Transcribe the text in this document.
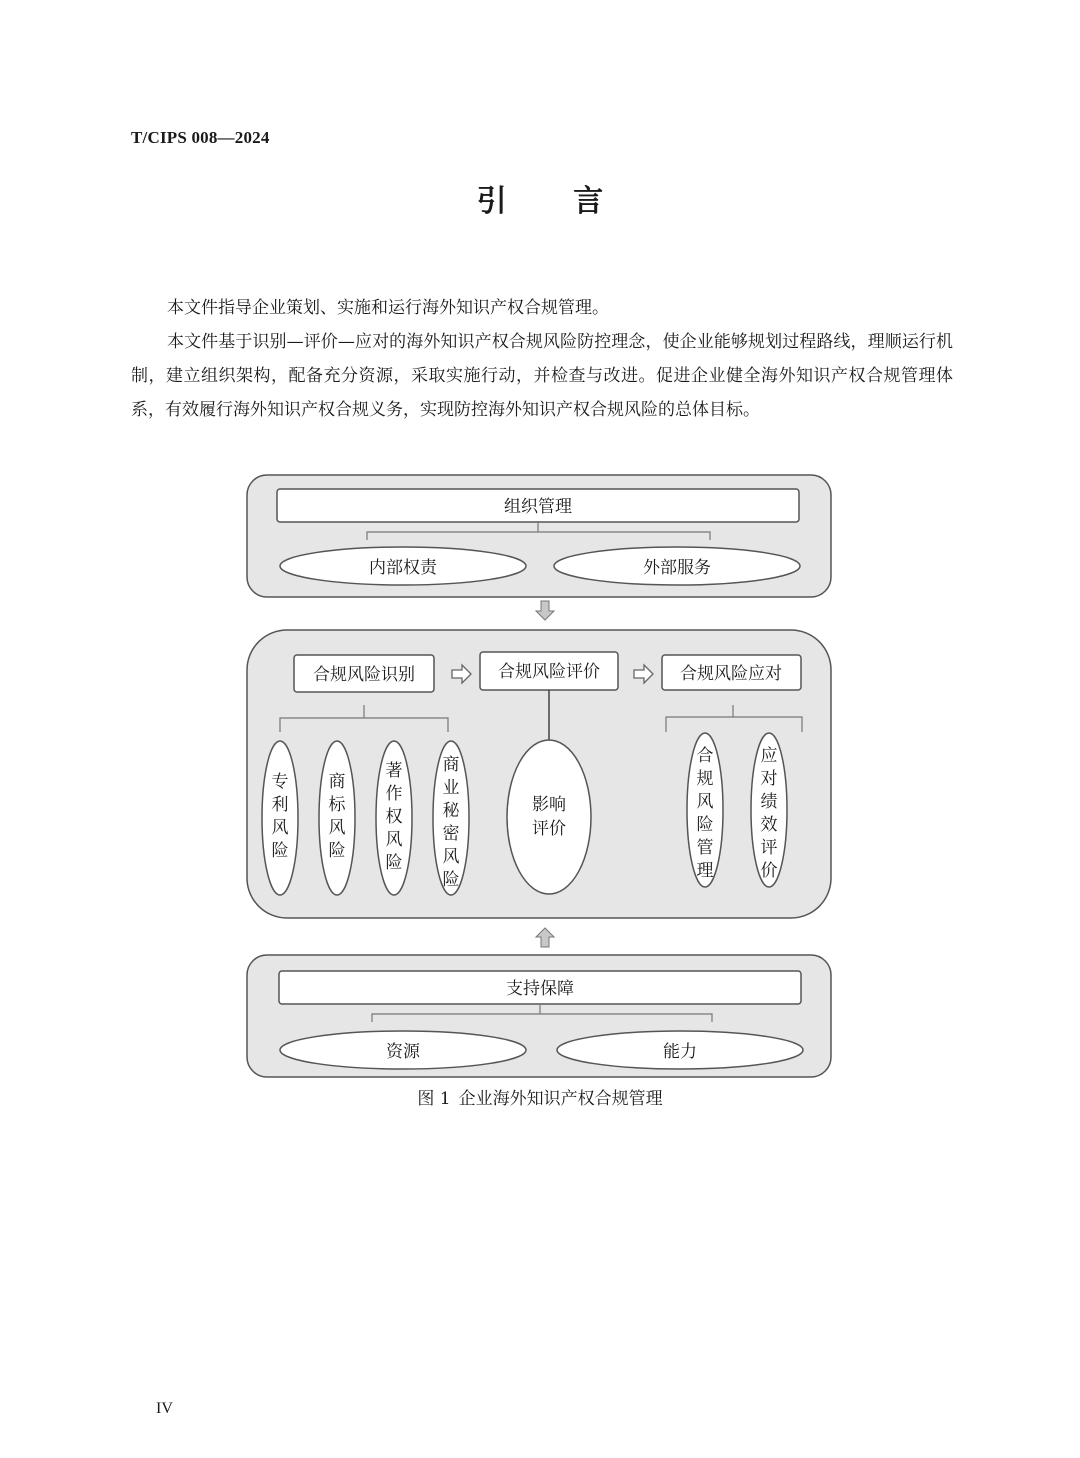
T/CIPS 008—2024
引 言
本文件指导企业策划、实施和运行海外知识产权合规管理。
本文件基于识别—评价—应对的海外知识产权合规风险防控理念，使企业能够规划过程路线，理顺运行机制，建立组织架构，配备充分资源，采取实施行动，并检查与改进。促进企业健全海外知识产权合规管理体系，有效履行海外知识产权合规义务，实现防控海外知识产权合规风险的总体目标。
组织管理
内部权责	外部服务
合规风险识别	合规风险评价	合规风险应对
专利风险
商标风险
著作权风险
商业秘密风险
影响评价
合规风险管理
应对绩效评价
支持保障
资源	能力
图 1 企业海外知识产权合规管理
IV
